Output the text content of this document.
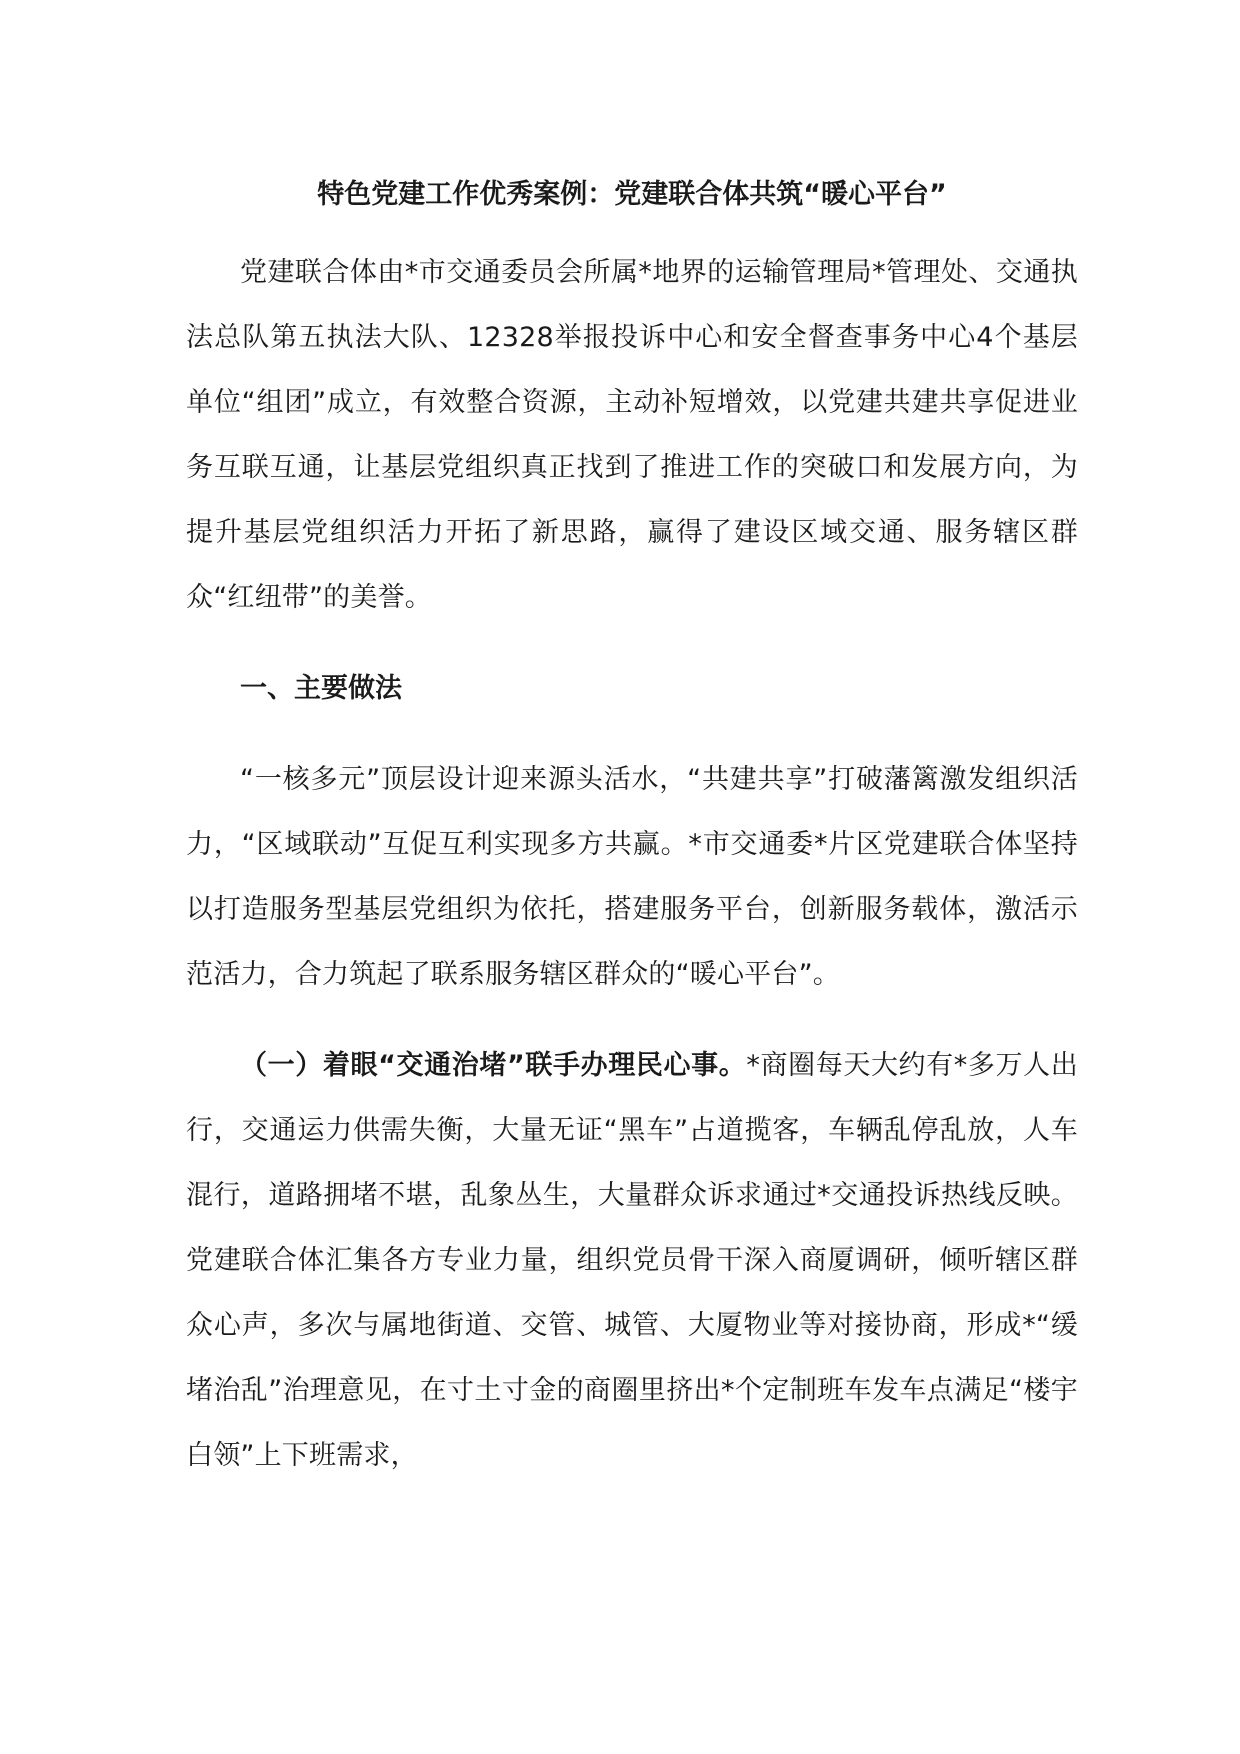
特色党建工作优秀案例：党建联合体共筑“暖心平台”

党建联合体由*市交通委员会所属*地界的运输管理局*管理处、交通执法总队第五执法大队、12328举报投诉中心和安全督查事务中心4个基层单位“组团”成立，有效整合资源，主动补短增效，以党建共建共享促进业务互联互通，让基层党组织真正找到了推进工作的突破口和发展方向，为提升基层党组织活力开拓了新思路，赢得了建设区域交通、服务辖区群众“红纽带”的美誉。

一、主要做法

“一核多元”顶层设计迎来源头活水，“共建共享”打破藩篱激发组织活力，“区域联动”互促互利实现多方共赢。*市交通委*片区党建联合体坚持以打造服务型基层党组织为依托，搭建服务平台，创新服务载体，激活示范活力，合力筑起了联系服务辖区群众的“暖心平台”。

（一）着眼“交通治堵”联手办理民心事。*商圈每天大约有*多万人出行，交通运力供需失衡，大量无证“黑车”占道揽客，车辆乱停乱放，人车混行，道路拥堵不堪，乱象丛生，大量群众诉求通过*交通投诉热线反映。党建联合体汇集各方专业力量，组织党员骨干深入商厦调研，倾听辖区群众心声，多次与属地街道、交管、城管、大厦物业等对接协商，形成*“缓堵治乱”治理意见，在寸土寸金的商圈里挤出*个定制班车发车点满足“楼宇白领”上下班需求，
